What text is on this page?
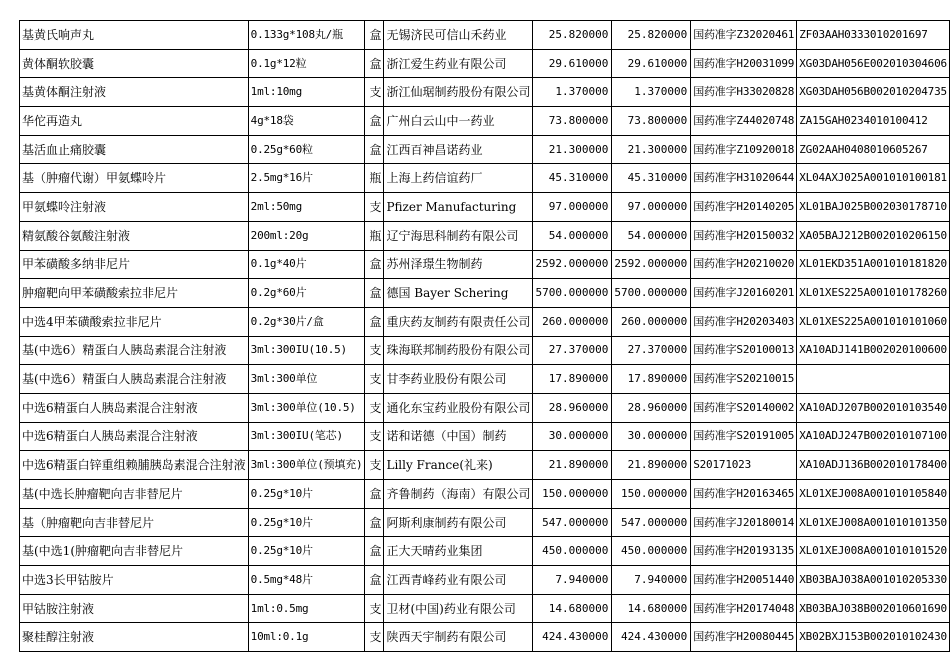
基黄氏响声丸	0.133g*108丸/瓶	盒	无锡济民可信山禾药业	25.820000	25.820000	国药准字Z32020461	ZF03AAH0333010201697
黄体酮软胶囊	0.1g*12粒	盒	浙江爱生药业有限公司	29.610000	29.610000	国药准字H20031099	XG03DAH056E002010304606
基黄体酮注射液	1ml:10mg	支	浙江仙琚制药股份有限公司	1.370000	1.370000	国药准字H33020828	XG03DAH056B002010204735
华佗再造丸	4g*18袋	盒	广州白云山中一药业	73.800000	73.800000	国药准字Z44020748	ZA15GAH0234010100412
基活血止痛胶囊	0.25g*60粒	盒	江西百神昌诺药业	21.300000	21.300000	国药准字Z10920018	ZG02AAH0408010605267
基（肿瘤代谢）甲氨蝶呤片	2.5mg*16片	瓶	上海上药信谊药厂	45.310000	45.310000	国药准字H31020644	XL04AXJ025A001010100181
甲氨蝶呤注射液	2ml:50mg	支	Pfizer Manufacturing	97.000000	97.000000	国药准字H20140205	XL01BAJ025B002030178710
精氨酸谷氨酸注射液	200ml:20g	瓶	辽宁海思科制药有限公司	54.000000	54.000000	国药准字H20150032	XA05BAJ212B002010206150
甲苯磺酸多纳非尼片	0.1g*40片	盒	苏州泽璟生物制药	2592.000000	2592.000000	国药准字H20210020	XL01EKD351A001010181820
肿瘤靶向甲苯磺酸索拉非尼片	0.2g*60片	盒	德国 Bayer Schering	5700.000000	5700.000000	国药准字J20160201	XL01XES225A001010178260
中选4甲苯磺酸索拉非尼片	0.2g*30片/盒	盒	重庆药友制药有限责任公司	260.000000	260.000000	国药准字H20203403	XL01XES225A001010101060
基(中选6）精蛋白人胰岛素混合注射液	3ml:300IU(10.5)	支	珠海联邦制药股份有限公司	27.370000	27.370000	国药准字S20100013	XA10ADJ141B002020100600
基(中选6）精蛋白人胰岛素混合注射液	3ml:300单位	支	甘李药业股份有限公司	17.890000	17.890000	国药准字S20210015	
中选6精蛋白人胰岛素混合注射液	3ml:300单位(10.5)	支	通化东宝药业股份有限公司	28.960000	28.960000	国药准字S20140002	XA10ADJ207B002010103540
中选6精蛋白人胰岛素混合注射液	3ml:300IU(笔芯)	支	诺和诺德（中国）制药	30.000000	30.000000	国药准字S20191005	XA10ADJ247B002010107100
中选6精蛋白锌重组赖脯胰岛素混合注射液	3ml:300单位(预填充)	支	Lilly France(礼来)	21.890000	21.890000	S20171023	XA10ADJ136B002010178400
基(中选长肿瘤靶向吉非替尼片	0.25g*10片	盒	齐鲁制药（海南）有限公司	150.000000	150.000000	国药准字H20163465	XL01XEJ008A001010105840
基（肿瘤靶向吉非替尼片	0.25g*10片	盒	阿斯利康制药有限公司	547.000000	547.000000	国药准字J20180014	XL01XEJ008A001010101350
基(中选1(肿瘤靶向吉非替尼片	0.25g*10片	盒	正大天晴药业集团	450.000000	450.000000	国药准字H20193135	XL01XEJ008A001010101520
中选3长甲钴胺片	0.5mg*48片	盒	江西青峰药业有限公司	7.940000	7.940000	国药准字H20051440	XB03BAJ038A001010205330
甲钴胺注射液	1ml:0.5mg	支	卫材(中国)药业有限公司	14.680000	14.680000	国药准字H20174048	XB03BAJ038B002010601690
聚桂醇注射液	10ml:0.1g	支	陕西天宇制药有限公司	424.430000	424.430000	国药准字H20080445	XB02BXJ153B002010102430
